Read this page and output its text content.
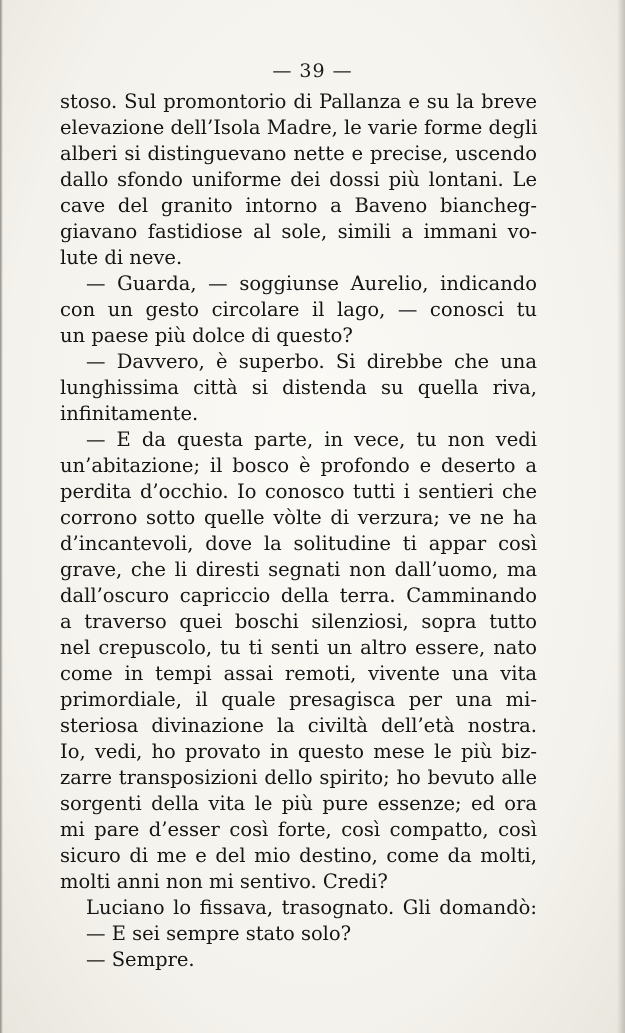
— 39 —
stoso. Sul promontorio di Pallanza e su la breve
elevazione dell’Isola Madre, le varie forme degli
alberi si distinguevano nette e precise, uscendo
dallo sfondo uniforme dei dossi più lontani. Le
cave del granito intorno a Baveno biancheg-
giavano fastidiose al sole, simili a immani vo-
lute di neve.
— Guarda, — soggiunse Aurelio, indicando
con un gesto circolare il lago, — conosci tu
un paese più dolce di questo?
— Davvero, è superbo. Si direbbe che una
lunghissima città si distenda su quella riva,
infinitamente.
— E da questa parte, in vece, tu non vedi
un’abitazione; il bosco è profondo e deserto a
perdita d’occhio. Io conosco tutti i sentieri che
corrono sotto quelle vòlte di verzura; ve ne ha
d’incantevoli, dove la solitudine ti appar così
grave, che li diresti segnati non dall’uomo, ma
dall’oscuro capriccio della terra. Camminando
a traverso quei boschi silenziosi, sopra tutto
nel crepuscolo, tu ti senti un altro essere, nato
come in tempi assai remoti, vivente una vita
primordiale, il quale presagisca per una mi-
steriosa divinazione la civiltà dell’età nostra.
Io, vedi, ho provato in questo mese le più biz-
zarre transposizioni dello spirito; ho bevuto alle
sorgenti della vita le più pure essenze; ed ora
mi pare d’esser così forte, così compatto, così
sicuro di me e del mio destino, come da molti,
molti anni non mi sentivo. Credi?
Luciano lo fissava, trasognato. Gli domandò:
— E sei sempre stato solo?
— Sempre.
